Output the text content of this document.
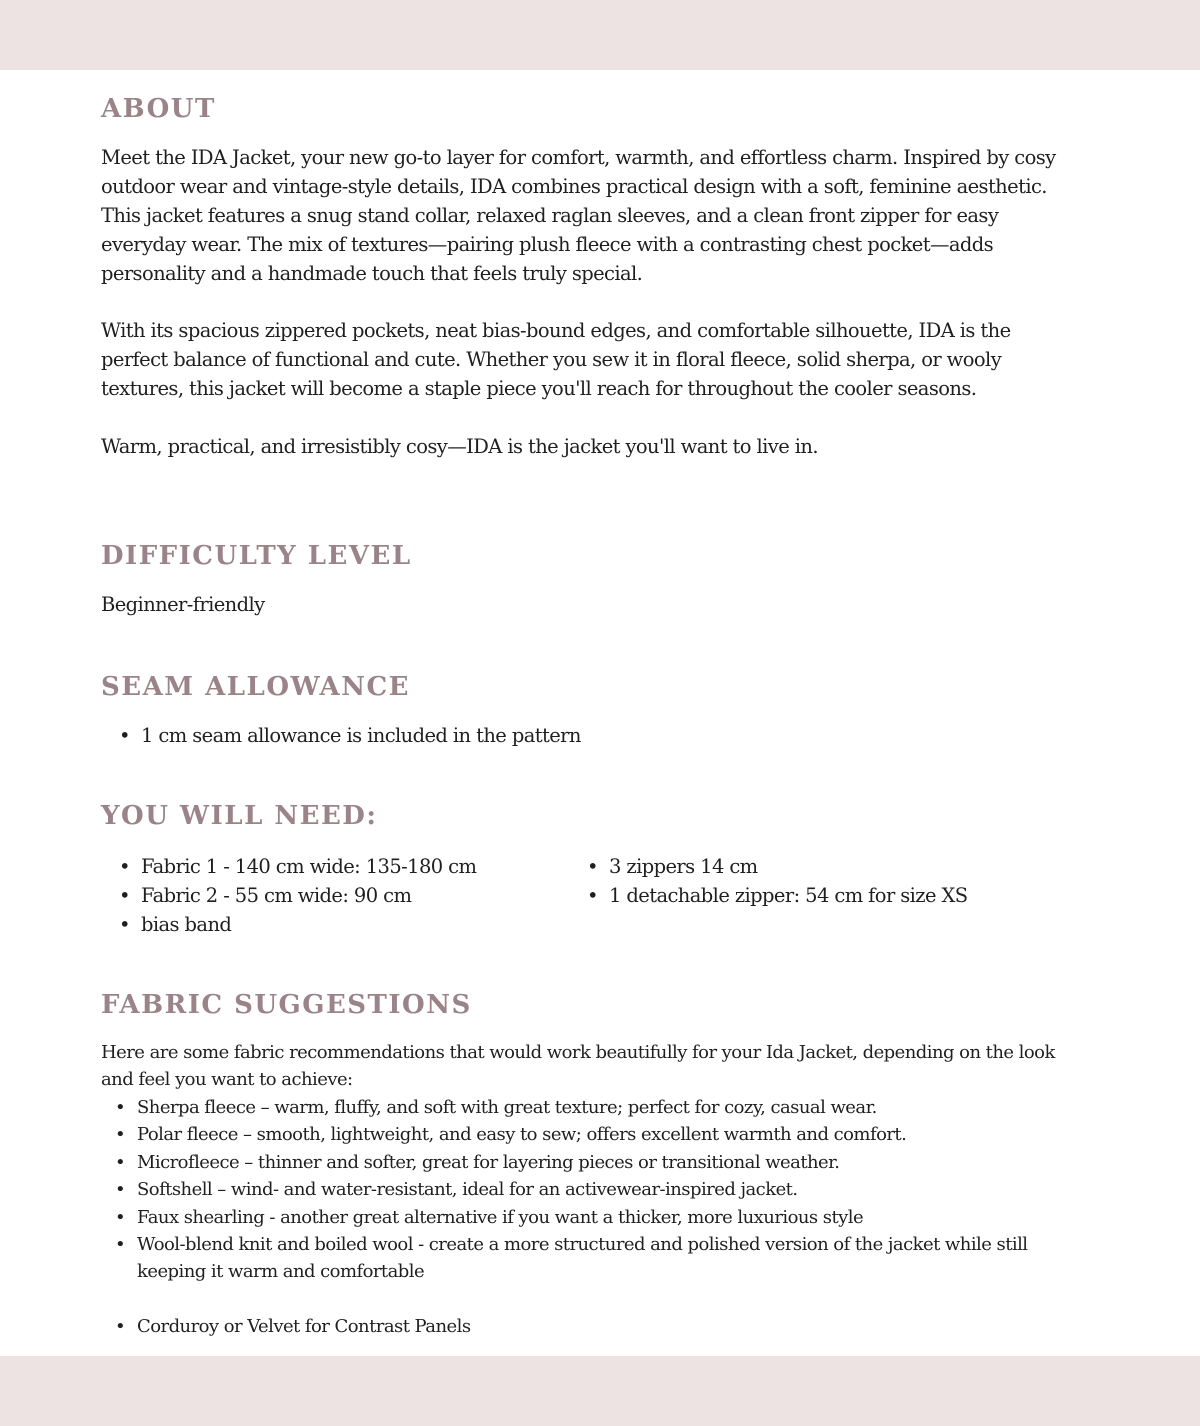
ABOUT

Meet the IDA Jacket, your new go-to layer for comfort, warmth, and effortless charm. Inspired by cosy outdoor wear and vintage-style details, IDA combines practical design with a soft, feminine aesthetic. This jacket features a snug stand collar, relaxed raglan sleeves, and a clean front zipper for easy everyday wear. The mix of textures—pairing plush fleece with a contrasting chest pocket—adds personality and a handmade touch that feels truly special.

With its spacious zippered pockets, neat bias-bound edges, and comfortable silhouette, IDA is the perfect balance of functional and cute. Whether you sew it in floral fleece, solid sherpa, or wooly textures, this jacket will become a staple piece you'll reach for throughout the cooler seasons.

Warm, practical, and irresistibly cosy—IDA is the jacket you'll want to live in.

DIFFICULTY LEVEL

Beginner-friendly

SEAM ALLOWANCE
• 1 cm seam allowance is included in the pattern
YOU WILL NEED:
• Fabric 1 - 140 cm wide: 135-180 cm
• Fabric 2 - 55 cm wide: 90 cm
• bias band
• 3 zippers 14 cm
• 1 detachable zipper: 54 cm for size XS
FABRIC SUGGESTIONS

Here are some fabric recommendations that would work beautifully for your Ida Jacket, depending on the look and feel you want to achieve:

• Sherpa fleece – warm, fluffy, and soft with great texture; perfect for cozy, casual wear.
• Polar fleece – smooth, lightweight, and easy to sew; offers excellent warmth and comfort.
• Microfleece – thinner and softer, great for layering pieces or transitional weather.
• Softshell – wind- and water-resistant, ideal for an activewear-inspired jacket.
• Faux shearling - another great alternative if you want a thicker, more luxurious style
• Wool-blend knit and boiled wool - create a more structured and polished version of the jacket while still keeping it warm and comfortable
• Corduroy or Velvet for Contrast Panels
